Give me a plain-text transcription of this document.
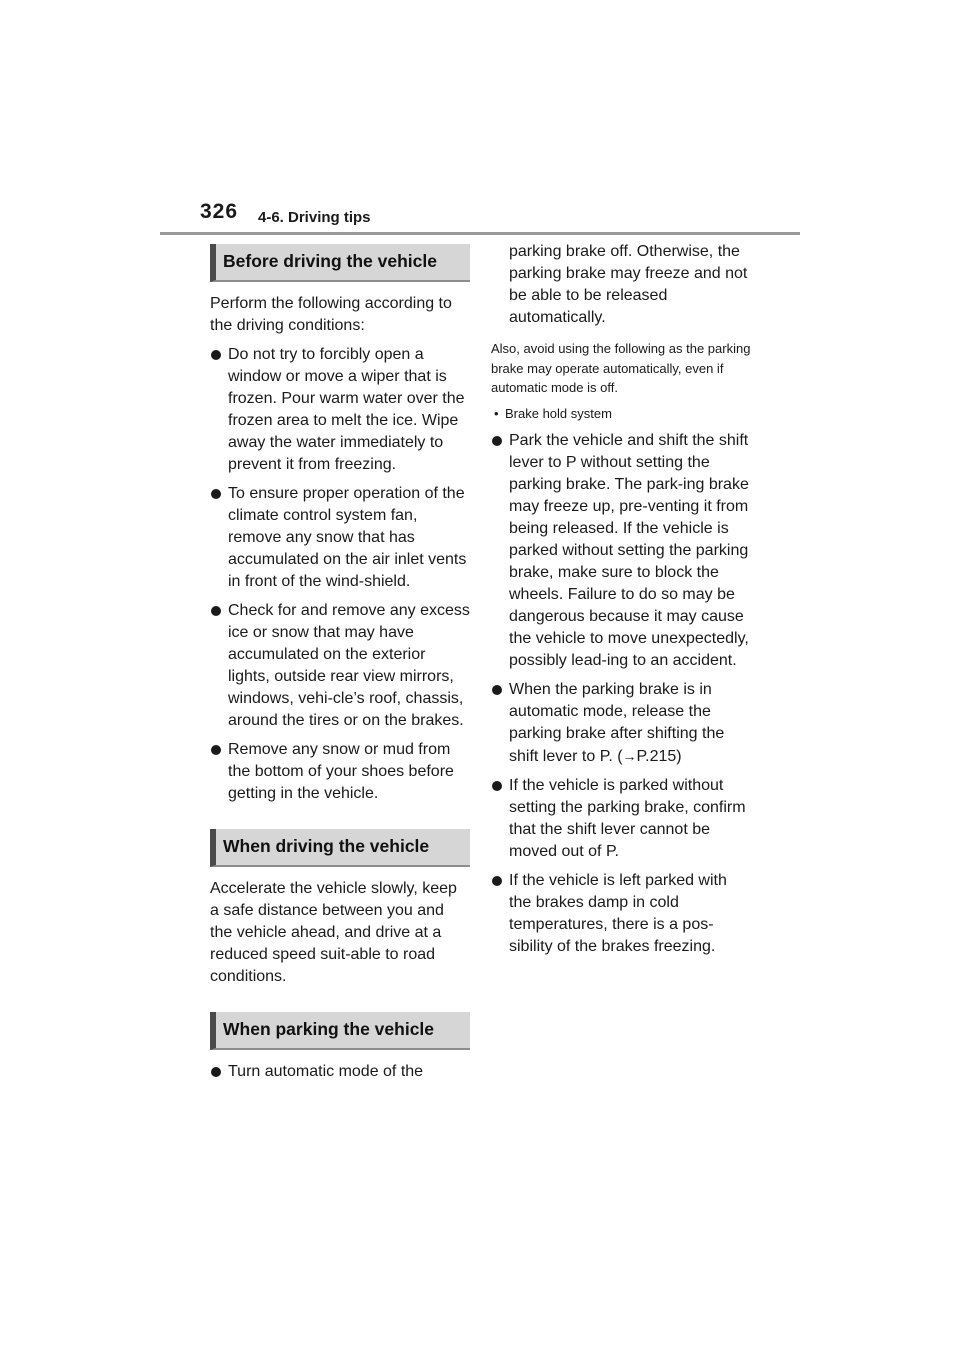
326 4-6. Driving tips
Before driving the vehicle

Perform the following according to the driving conditions:

Do not try to forcibly open a window or move a wiper that is frozen. Pour warm water over the frozen area to melt the ice. Wipe away the water immediately to prevent it from freezing.
To ensure proper operation of the climate control system fan, remove any snow that has accumulated on the air inlet vents in front of the wind-shield.
Check for and remove any excess ice or snow that may have accumulated on the exterior lights, outside rear view mirrors, windows, vehi-cle’s roof, chassis, around the tires or on the brakes.
Remove any snow or mud from the bottom of your shoes before getting in the vehicle.
When driving the vehicle

Accelerate the vehicle slowly, keep a safe distance between you and the vehicle ahead, and drive at a reduced speed suit-able to road conditions.

When parking the vehicle
Turn automatic mode of the
parking brake off. Otherwise, the parking brake may freeze and not be able to be released automatically.

Also, avoid using the following as the parking brake may operate automatically, even if automatic mode is off.

• Brake hold system
Park the vehicle and shift the shift lever to P without setting the parking brake. The park-ing brake may freeze up, pre-venting it from being released. If the vehicle is parked without setting the parking brake, make sure to block the wheels. Failure to do so may be dangerous because it may cause the vehicle to move unexpectedly, possibly lead-ing to an accident.
When the parking brake is in automatic mode, release the parking brake after shifting the shift lever to P. (→P.215)
If the vehicle is parked without setting the parking brake, confirm that the shift lever cannot be moved out of P.
If the vehicle is left parked with the brakes damp in cold temperatures, there is a pos-sibility of the brakes freezing.
